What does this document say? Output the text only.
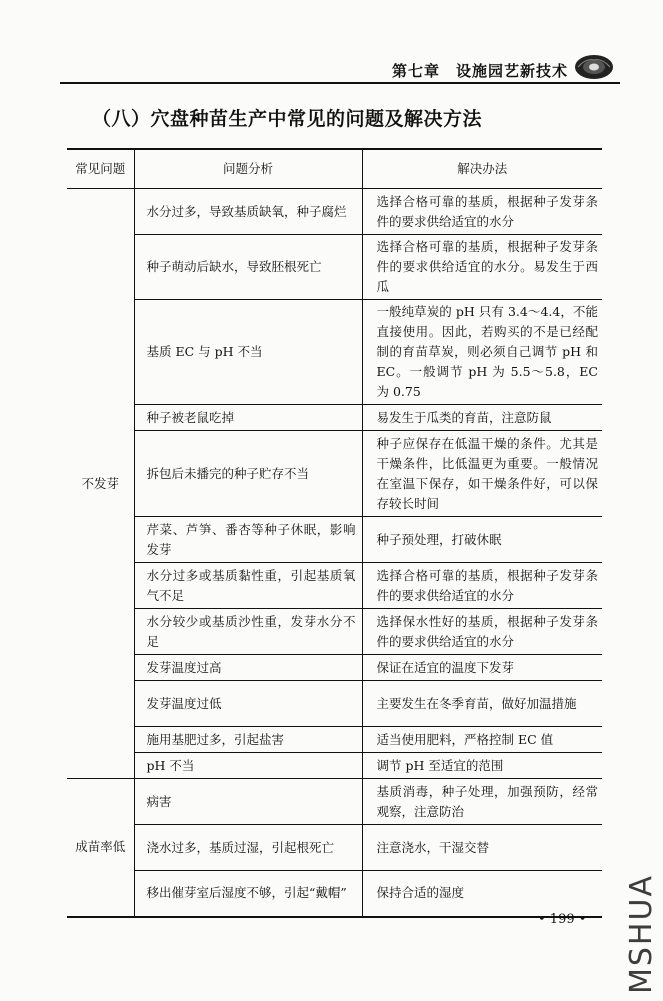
第七章　设施园艺新技术
（八）穴盘种苗生产中常见的问题及解决方法
常见问题	问题分析	解决办法
不发芽	水分过多，导致基质缺氧，种子腐烂	选择合格可靠的基质，根据种子发芽条件的要求供给适宜的水分
	种子萌动后缺水，导致胚根死亡	选择合格可靠的基质，根据种子发芽条件的要求供给适宜的水分。易发生于西瓜
	基质 EC 与 pH 不当	一般纯草炭的 pH 只有 3.4～4.4，不能直接使用。因此，若购买的不是已经配制的育苗草炭，则必须自己调节 pH 和 EC。一般调节 pH 为 5.5～5.8，EC 为 0.75
	种子被老鼠吃掉	易发生于瓜类的育苗，注意防鼠
	拆包后未播完的种子贮存不当	种子应保存在低温干燥的条件。尤其是干燥条件，比低温更为重要。一般情况在室温下保存，如干燥条件好，可以保存较长时间
	芹菜、芦笋、番杏等种子休眠，影响发芽	种子预处理，打破休眠
	水分过多或基质黏性重，引起基质氧气不足	选择合格可靠的基质，根据种子发芽条件的要求供给适宜的水分
	水分较少或基质沙性重，发芽水分不足	选择保水性好的基质，根据种子发芽条件的要求供给适宜的水分
	发芽温度过高	保证在适宜的温度下发芽
	发芽温度过低	主要发生在冬季育苗，做好加温措施
	施用基肥过多，引起盐害	适当使用肥料，严格控制 EC 值
	pH 不当	调节 pH 至适宜的范围
成苗率低	病害	基质消毒，种子处理，加强预防，经常观察，注意防治
	浇水过多，基质过湿，引起根死亡	注意浇水，干湿交替
	移出催芽室后湿度不够，引起“戴帽”	保持合适的湿度
• 199 • MSHUA
